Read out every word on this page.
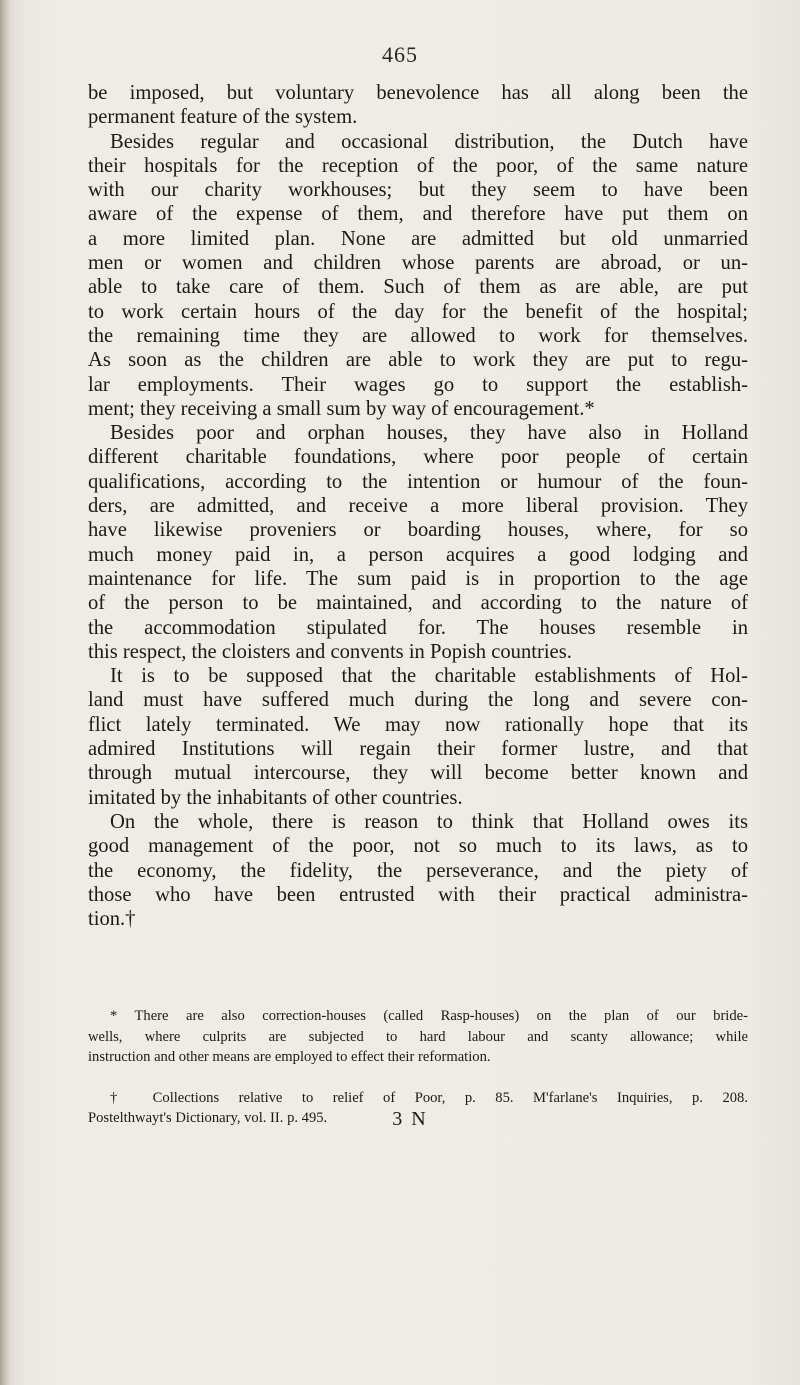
465
be imposed, but voluntary benevolence has all along been the
permanent feature of the system.
Besides regular and occasional distribution, the Dutch have
their hospitals for the reception of the poor, of the same nature
with our charity workhouses; but they seem to have been
aware of the expense of them, and therefore have put them on
a more limited plan. None are admitted but old unmarried
men or women and children whose parents are abroad, or un-
able to take care of them. Such of them as are able, are put
to work certain hours of the day for the benefit of the hospital;
the remaining time they are allowed to work for themselves.
As soon as the children are able to work they are put to regu-
lar employments. Their wages go to support the establish-
ment; they receiving a small sum by way of encouragement.*
Besides poor and orphan houses, they have also in Holland
different charitable foundations, where poor people of certain
qualifications, according to the intention or humour of the foun-
ders, are admitted, and receive a more liberal provision. They
have likewise proveniers or boarding houses, where, for so
much money paid in, a person acquires a good lodging and
maintenance for life. The sum paid is in proportion to the age
of the person to be maintained, and according to the nature of
the accommodation stipulated for. The houses resemble in
this respect, the cloisters and convents in Popish countries.
It is to be supposed that the charitable establishments of Hol-
land must have suffered much during the long and severe con-
flict lately terminated. We may now rationally hope that its
admired Institutions will regain their former lustre, and that
through mutual intercourse, they will become better known and
imitated by the inhabitants of other countries.
On the whole, there is reason to think that Holland owes its
good management of the poor, not so much to its laws, as to
the economy, the fidelity, the perseverance, and the piety of
those who have been entrusted with their practical administra-
tion.†
* There are also correction-houses (called Rasp-houses) on the plan of our bride-
wells, where culprits are subjected to hard labour and scanty allowance; while
instruction and other means are employed to effect their reformation.
† Collections relative to relief of Poor, p. 85. M'farlane's Inquiries, p. 208.
Postelthwayt's Dictionary, vol. II. p. 495.	3 N
